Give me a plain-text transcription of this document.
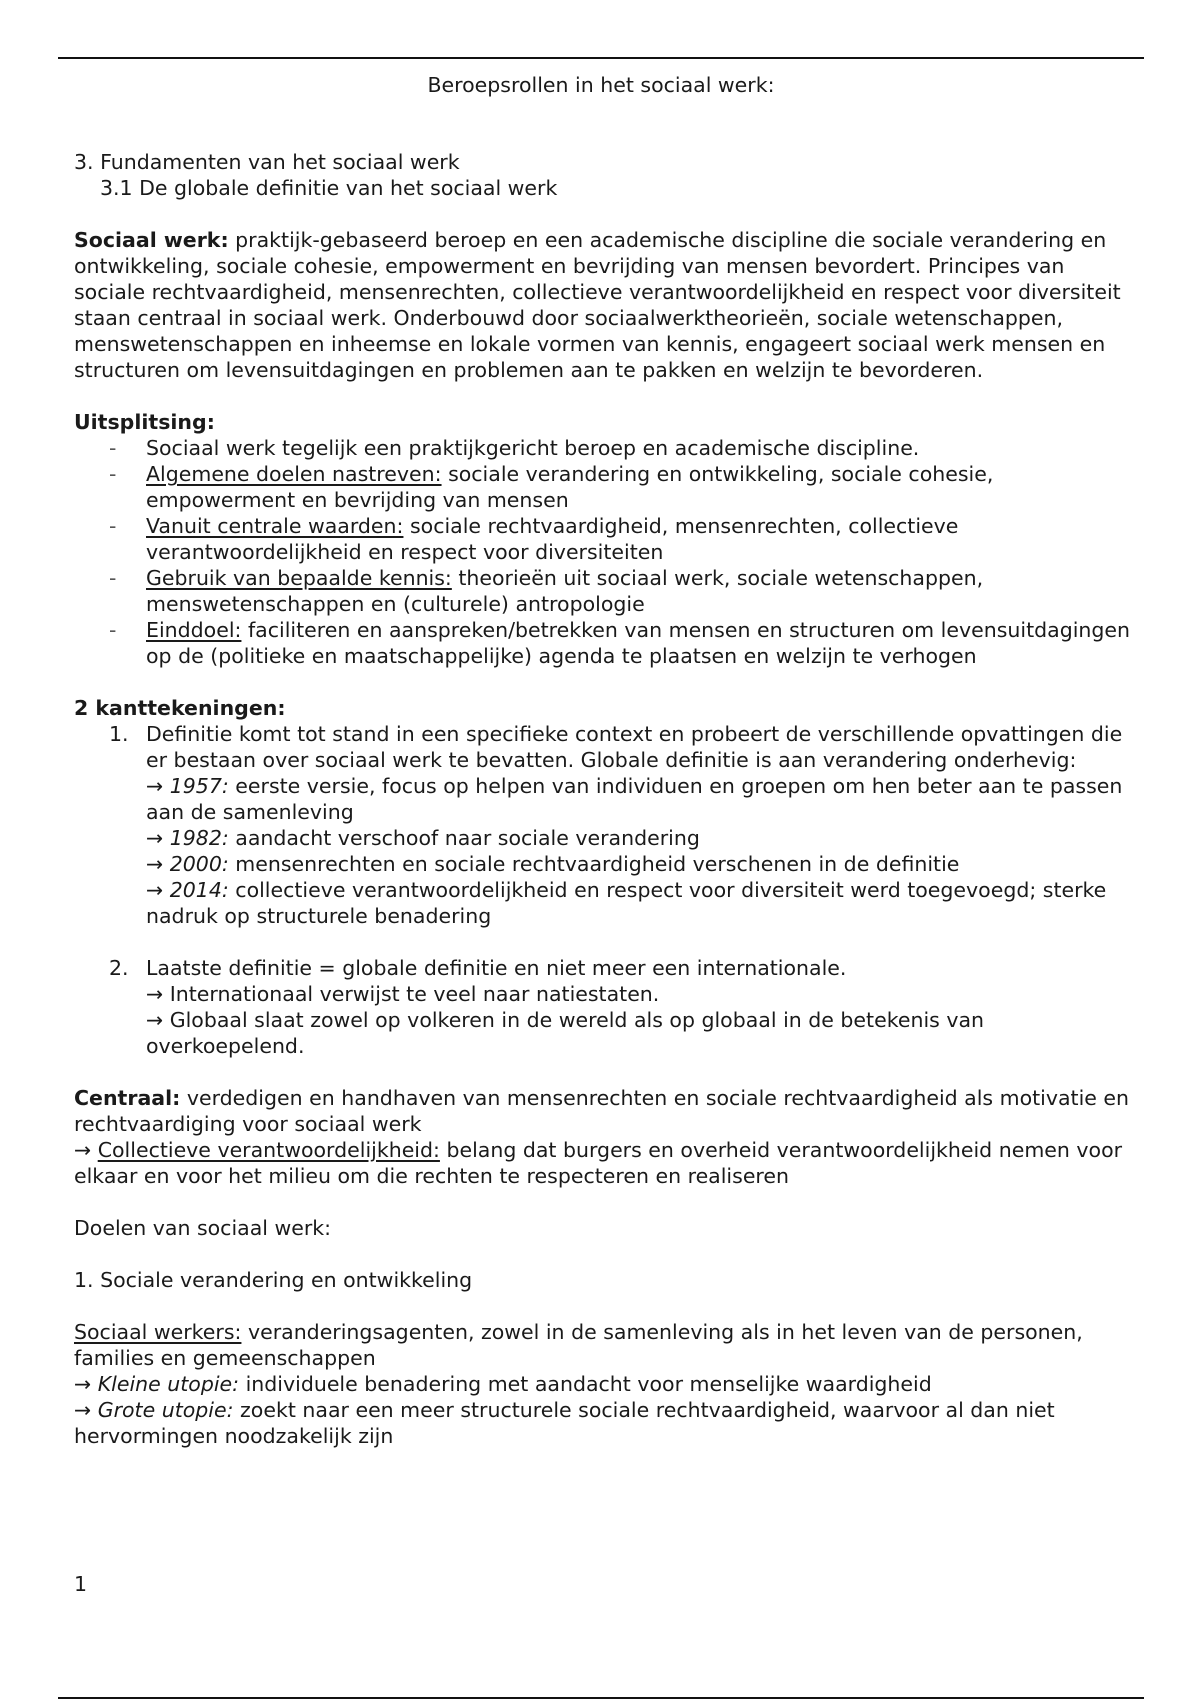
Beroepsrollen in het sociaal werk:

3. Fundamenten van het sociaal werk

3.1 De globale definitie van het sociaal werk

Sociaal werk: praktijk-gebaseerd beroep en een academische discipline die sociale verandering en ontwikkeling, sociale cohesie, empowerment en bevrijding van mensen bevordert. Principes van sociale rechtvaardigheid, mensenrechten, collectieve verantwoordelijkheid en respect voor diversiteit staan centraal in sociaal werk. Onderbouwd door sociaalwerktheorieën, sociale wetenschappen, menswetenschappen en inheemse en lokale vormen van kennis, engageert sociaal werk mensen en structuren om levensuitdagingen en problemen aan te pakken en welzijn te bevorderen.

Uitsplitsing:

- Sociaal werk tegelijk een praktijkgericht beroep en academische discipline.
- Algemene doelen nastreven: sociale verandering en ontwikkeling, sociale cohesie, empowerment en bevrijding van mensen
- Vanuit centrale waarden: sociale rechtvaardigheid, mensenrechten, collectieve verantwoordelijkheid en respect voor diversiteiten
- Gebruik van bepaalde kennis: theorieën uit sociaal werk, sociale wetenschappen, menswetenschappen en (culturele) antropologie
- Einddoel: faciliteren en aanspreken/betrekken van mensen en structuren om levensuitdagingen op de (politieke en maatschappelijke) agenda te plaatsen en welzijn te verhogen

2 kanttekeningen:

1. Definitie komt tot stand in een specifieke context en probeert de verschillende opvattingen die er bestaan over sociaal werk te bevatten. Globale definitie is aan verandering onderhevig:
→ 1957: eerste versie, focus op helpen van individuen en groepen om hen beter aan te passen aan de samenleving
→ 1982: aandacht verschoof naar sociale verandering
→ 2000: mensenrechten en sociale rechtvaardigheid verschenen in de definitie
→ 2014: collectieve verantwoordelijkheid en respect voor diversiteit werd toegevoegd; sterke nadruk op structurele benadering
2. Laatste definitie = globale definitie en niet meer een internationale.
→ Internationaal verwijst te veel naar natiestaten.
→ Globaal slaat zowel op volkeren in de wereld als op globaal in de betekenis van overkoepelend.

Centraal: verdedigen en handhaven van mensenrechten en sociale rechtvaardigheid als motivatie en rechtvaardiging voor sociaal werk

→ Collectieve verantwoordelijkheid: belang dat burgers en overheid verantwoordelijkheid nemen voor elkaar en voor het milieu om die rechten te respecteren en realiseren

Doelen van sociaal werk:

1. Sociale verandering en ontwikkeling

Sociaal werkers: veranderingsagenten, zowel in de samenleving als in het leven van de personen, families en gemeenschappen

→ Kleine utopie: individuele benadering met aandacht voor menselijke waardigheid

→ Grote utopie: zoekt naar een meer structurele sociale rechtvaardigheid, waarvoor al dan niet hervormingen noodzakelijk zijn

1
